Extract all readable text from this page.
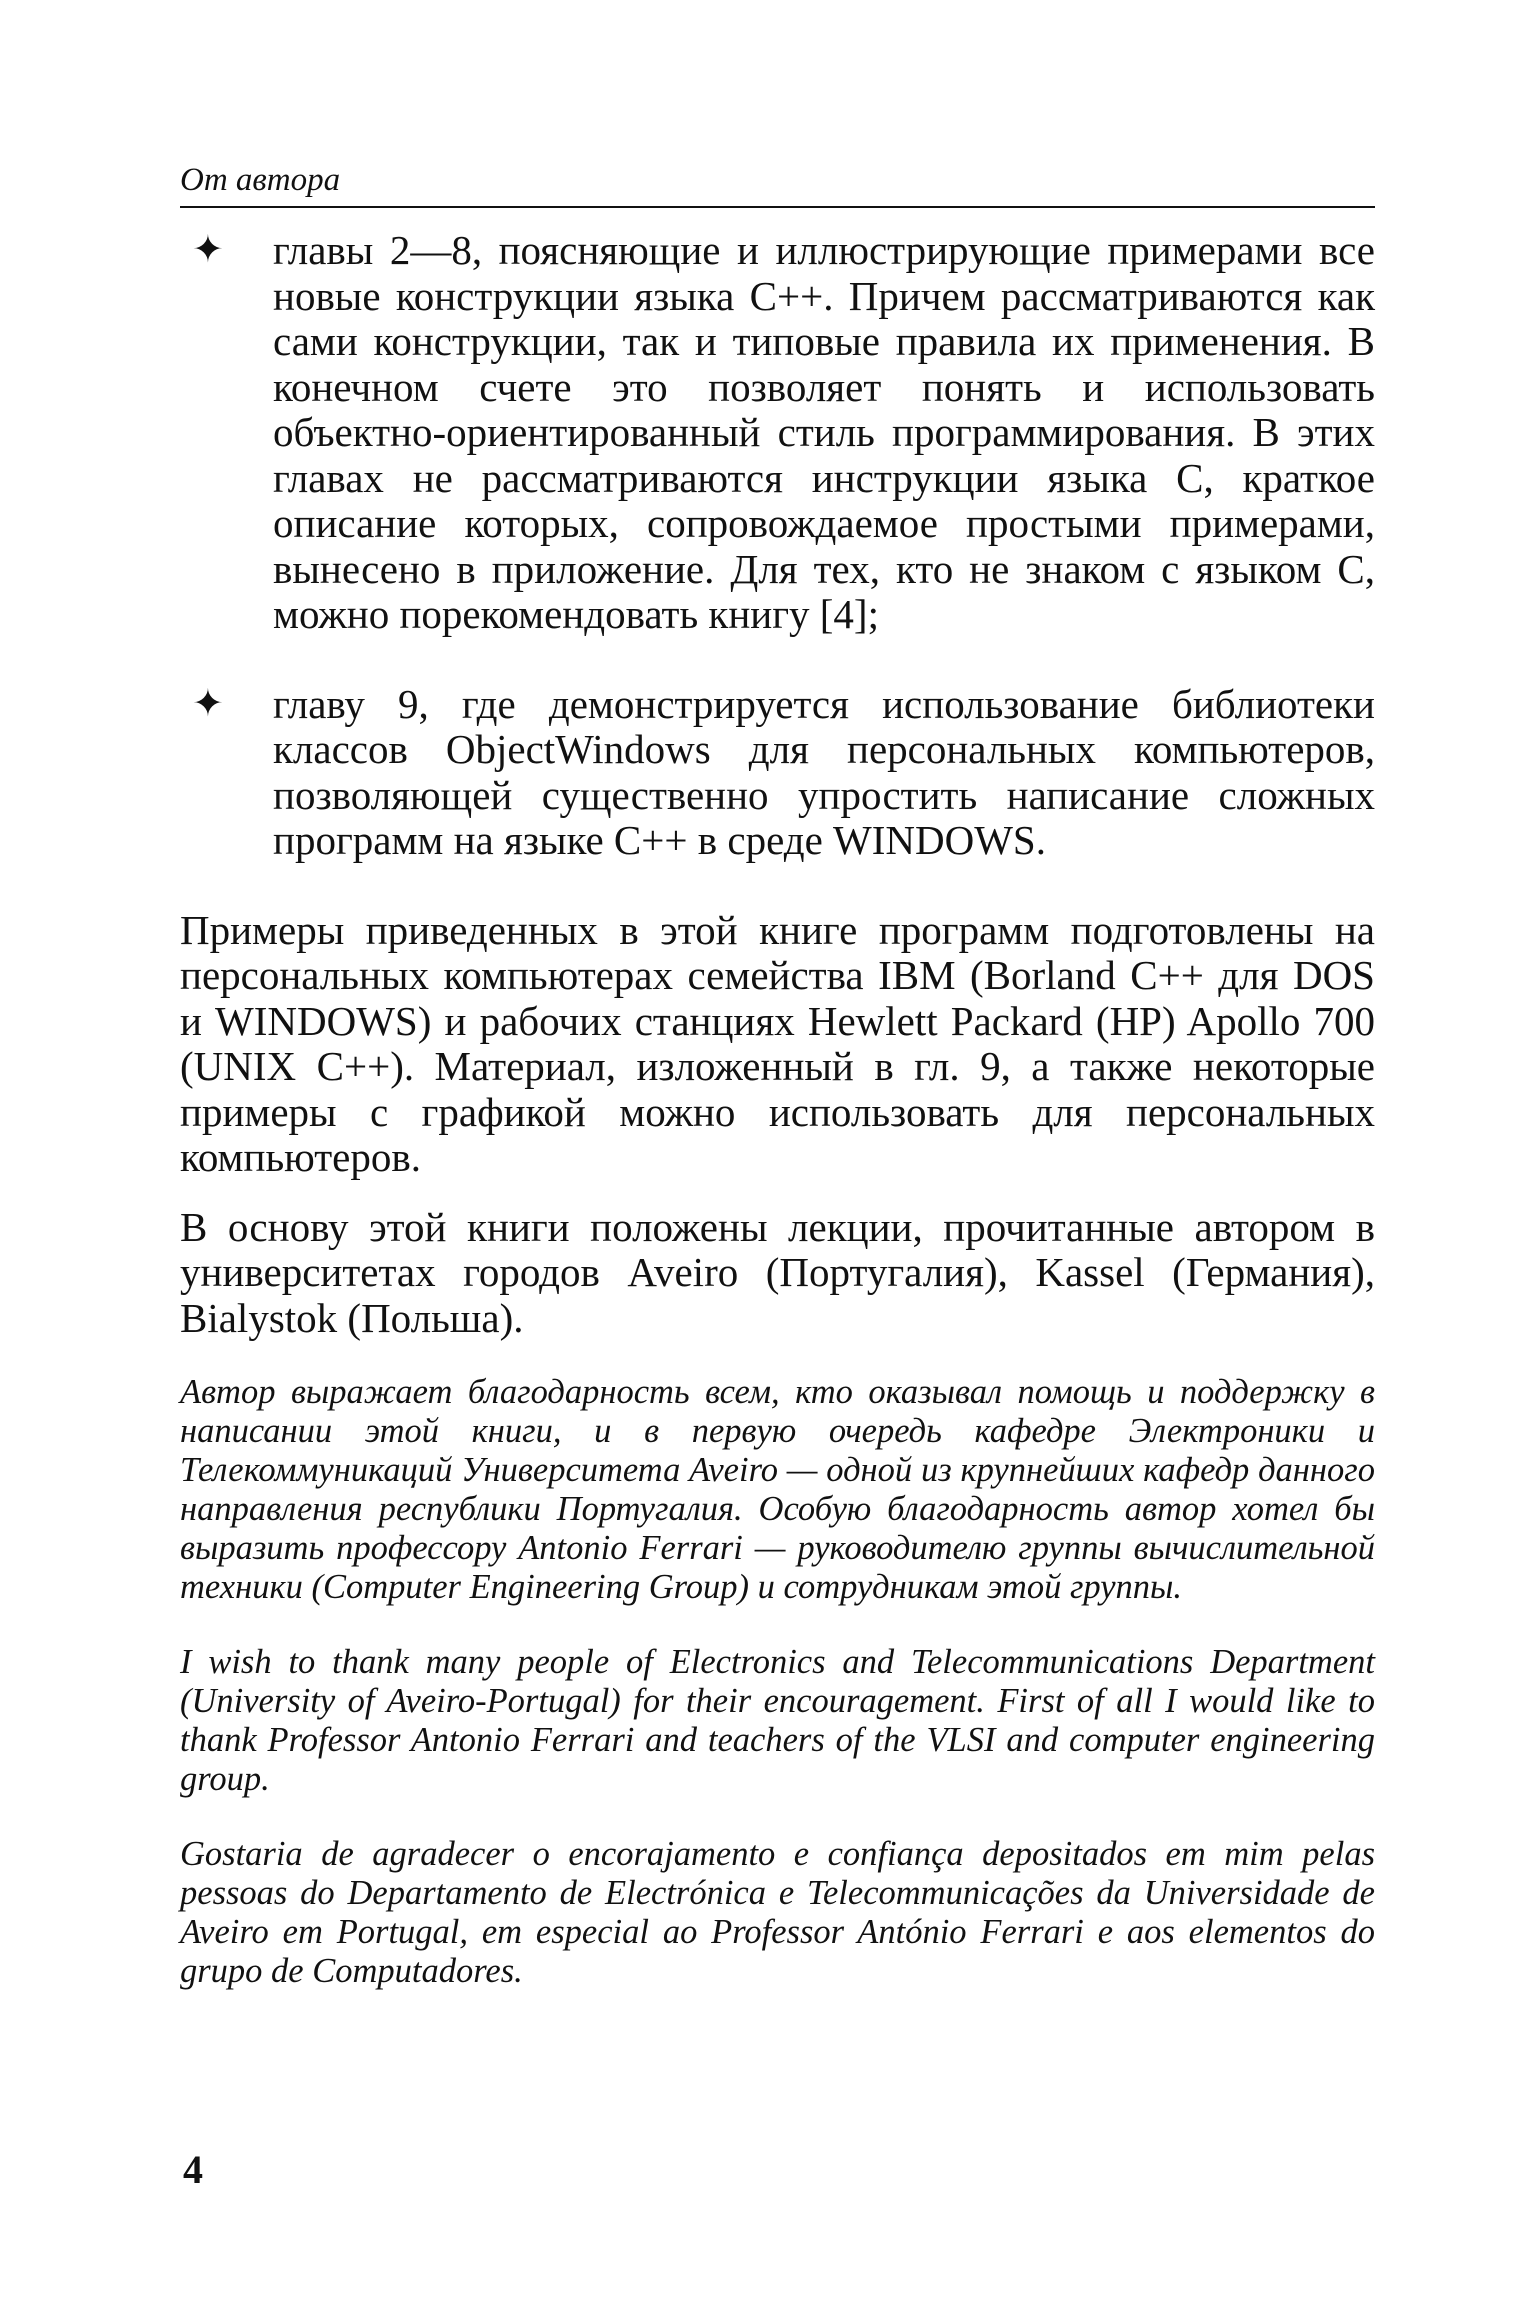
От автора
✦ главы 2—8, поясняющие и иллюстрирующие примерами все новые конструкции языка C++. Причем рассматриваются как сами конструкции, так и типовые правила их применения. В конечном счете это позволяет понять и использовать объектно-ориентированный стиль программирования. В этих главах не рассматриваются инструкции языка С, краткое описание которых, сопровождаемое простыми примерами, вынесено в приложение. Для тех, кто не знаком с языком С, можно порекомендовать книгу [4];
✦ главу 9, где демонстрируется использование библиотеки классов ObjectWindows для персональных компьютеров, позволяющей существенно упростить написание сложных программ на языке C++ в среде WINDOWS.

Примеры приведенных в этой книге программ подготовлены на персональных компьютерах семейства IBM (Borland C++ для DOS и WINDOWS) и рабочих станциях Hewlett Packard (HP) Apollo 700 (UNIX C++). Материал, изложенный в гл. 9, а также некоторые примеры с графикой можно использовать для персональных компьютеров.

В основу этой книги положены лекции, прочитанные автором в университетах городов Aveiro (Португалия), Kassel (Германия), Bialystok (Польша).

Автор выражает благодарность всем, кто оказывал помощь и поддержку в написании этой книги, и в первую очередь кафедре Электроники и Телекоммуникаций Университета Aveiro — одной из крупнейших кафедр данного направления республики Португалия. Особую благодарность автор хотел бы выразить профессору Antonio Ferrari — руководителю группы вычислительной техники (Computer Engineering Group) и сотрудникам этой группы.

I wish to thank many people of Electronics and Telecommunications Department (University of Aveiro-Portugal) for their encouragement. First of all I would like to thank Professor Antonio Ferrari and teachers of the VLSI and computer engineering group.

Gostaria de agradecer o encorajamento e confiança depositados em mim pelas pessoas do Departamento de Electrónica e Telecommunicações da Universidade de Aveiro em Portugal, em especial ao Professor António Ferrari e aos elementos do grupo de Computadores.

4
